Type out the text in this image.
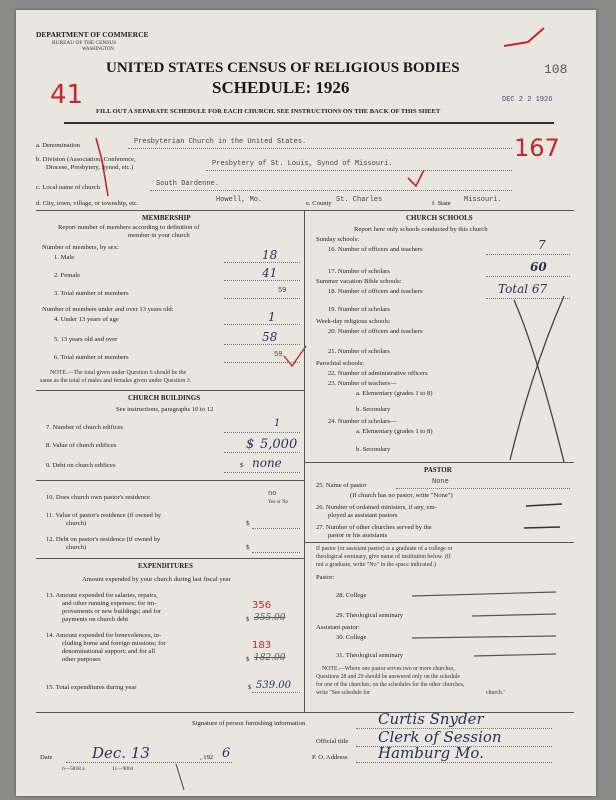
DEPARTMENT OF COMMERCE
BUREAU OF THE CENSUS
WASHINGTON
UNITED STATES CENSUS OF RELIGIOUS BODIES
SCHEDULE: 1926
108
DEC 2 2 1926
41
167
FILL OUT A SEPARATE SCHEDULE FOR EACH CHURCH. SEE INSTRUCTIONS ON THE BACK OF THIS SHEET
a. Denomination	Presbyterian Church in the United States.
b. Division (Association, Conference,
Diocese, Presbytery, Synod, etc.)	Presbytery of St. Louis, Synod of Missouri.
c. Local name of church	South Dardenne.
d. City, town, village, or township, etc.	Howell, Mo.	e. County St. Charles	f. State Missouri.
MEMBERSHIP
Report number of members according to definition of
member in your church
Number of members, by sex:
1. Male	18
2. Female	41
3. Total number of members	59
Number of members under and over 13 years old:
4. Under 13 years of age	1
5. 13 years old and over	58
6. Total number of members	59
NOTE.—The total given under Question 6 should be the
same as the total of males and females given under Question 3.
CHURCH BUILDINGS
See instructions, paragraphs 10 to 12
7. Number of church edifices	1
8. Value of church edifices	$ 5,000
9. Debt on church edifices	$ none
10. Does church own pastor's residence	no
Yes or No
11. Value of pastor's residence (if owned by
church)	$
12. Debt on pastor's residence (if owned by
church)	$
EXPENDITURES
Amount expended by your church during last fiscal year
13. Amount expended for salaries, repairs,
and other running expenses; for im-
provements or new buildings; and for
payments on church debt
356
$ 355.00
14. Amount expended for benevolences, in-
cluding home and foreign missions; for
denominational support; and for all
other purposes
183
$ 182.00
15. Total expenditures during year	$ 539.00
CHURCH SCHOOLS
Report here only schools conducted by this church
Sunday schools:
16. Number of officers and teachers	7
17. Number of scholars	60
Summer vacation Bible schools:
18. Number of officers and teachers	Total 67
19. Number of scholars
Week-day religious schools:
20. Number of officers and teachers
21. Number of scholars
Parochial schools:
22. Number of administrative officers
23. Number of teachers—
a. Elementary (grades 1 to 8)
b. Secondary
24. Number of scholars—
a. Elementary (grades 1 to 8)
b. Secondary
PASTOR
25. Name of pastor	None
(If church has no pastor, write "None")
26. Number of ordained ministers, if any, em-
ployed as assistant pastors
27. Number of other churches served by the
pastor or his assistants
If pastor (or assistant pastor) is a graduate of a college or
theological seminary, give name of institution below. (If
not a graduate, write "No" in the space indicated.)
Pastor:
28. College
29. Theological seminary
Assistant pastor:
30. College
31. Theological seminary
NOTE.—Where one pastor serves two or more churches,
Questions 28 and 29 should be answered only on the schedule
for one of the churches; on the schedules for the other churches,
write "See schedule for	church."
Signature of person furnishing information	Curtis Snyder
Official title Clerk of Session
Date	Dec. 13	, 192 6	P. O. Address Hamburg Mo.
6—5818 a	11—9004
